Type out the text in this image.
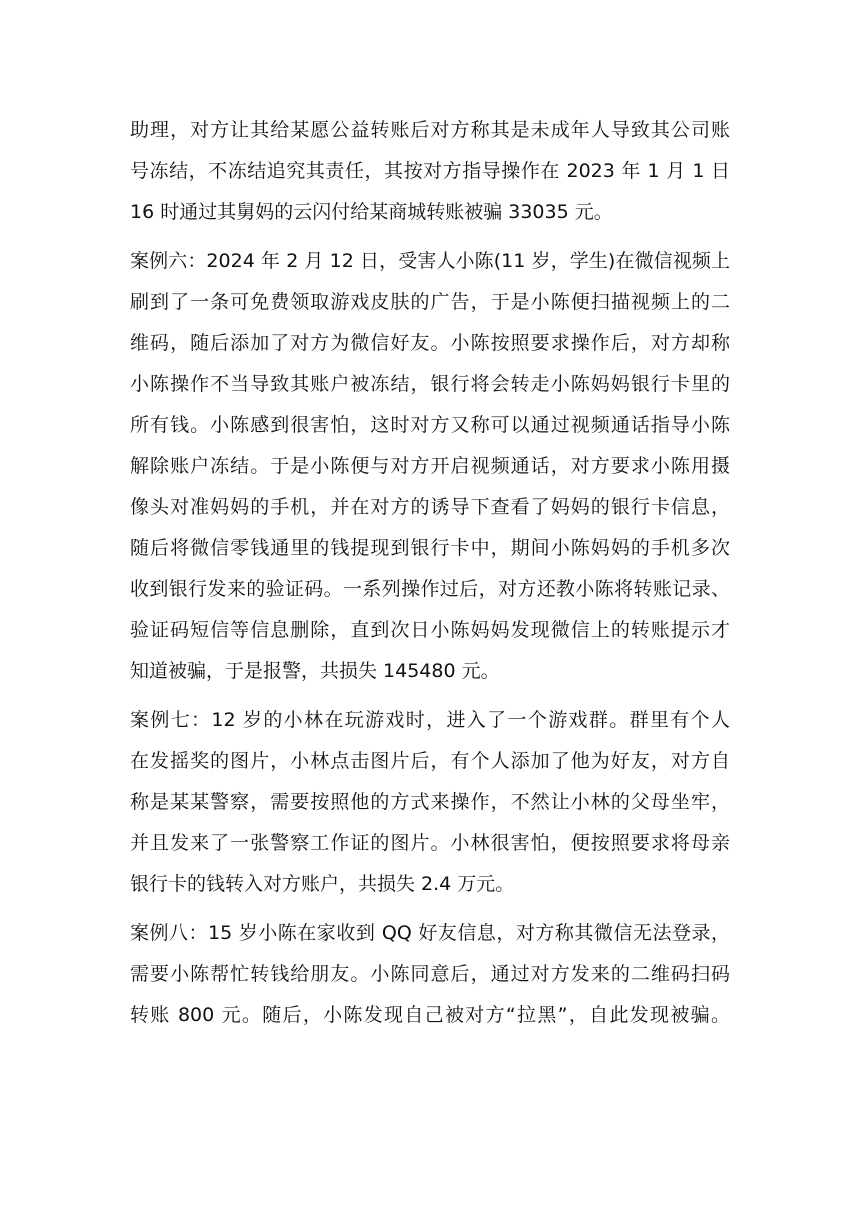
助理，对方让其给某愿公益转账后对方称其是未成年人导致其公司账
号冻结，不冻结追究其责任，其按对方指导操作在 2023 年 1 月 1 日
16 时通过其舅妈的云闪付给某商城转账被骗 33035 元。
案例六：2024 年 2 月 12 日，受害人小陈(11 岁，学生)在微信视频上
刷到了一条可免费领取游戏皮肤的广告，于是小陈便扫描视频上的二
维码，随后添加了对方为微信好友。小陈按照要求操作后，对方却称
小陈操作不当导致其账户被冻结，银行将会转走小陈妈妈银行卡里的
所有钱。小陈感到很害怕，这时对方又称可以通过视频通话指导小陈
解除账户冻结。于是小陈便与对方开启视频通话，对方要求小陈用摄
像头对准妈妈的手机，并在对方的诱导下查看了妈妈的银行卡信息，
随后将微信零钱通里的钱提现到银行卡中，期间小陈妈妈的手机多次
收到银行发来的验证码。一系列操作过后，对方还教小陈将转账记录、
验证码短信等信息删除，直到次日小陈妈妈发现微信上的转账提示才
知道被骗，于是报警，共损失 145480 元。
案例七：12 岁的小林在玩游戏时，进入了一个游戏群。群里有个人
在发摇奖的图片，小林点击图片后，有个人添加了他为好友，对方自
称是某某警察，需要按照他的方式来操作，不然让小林的父母坐牢，
并且发来了一张警察工作证的图片。小林很害怕，便按照要求将母亲
银行卡的钱转入对方账户，共损失 2.4 万元。
案例八：15 岁小陈在家收到 QQ 好友信息，对方称其微信无法登录，
需要小陈帮忙转钱给朋友。小陈同意后，通过对方发来的二维码扫码
转账 800 元。随后，小陈发现自己被对方“拉黑”，自此发现被骗。
